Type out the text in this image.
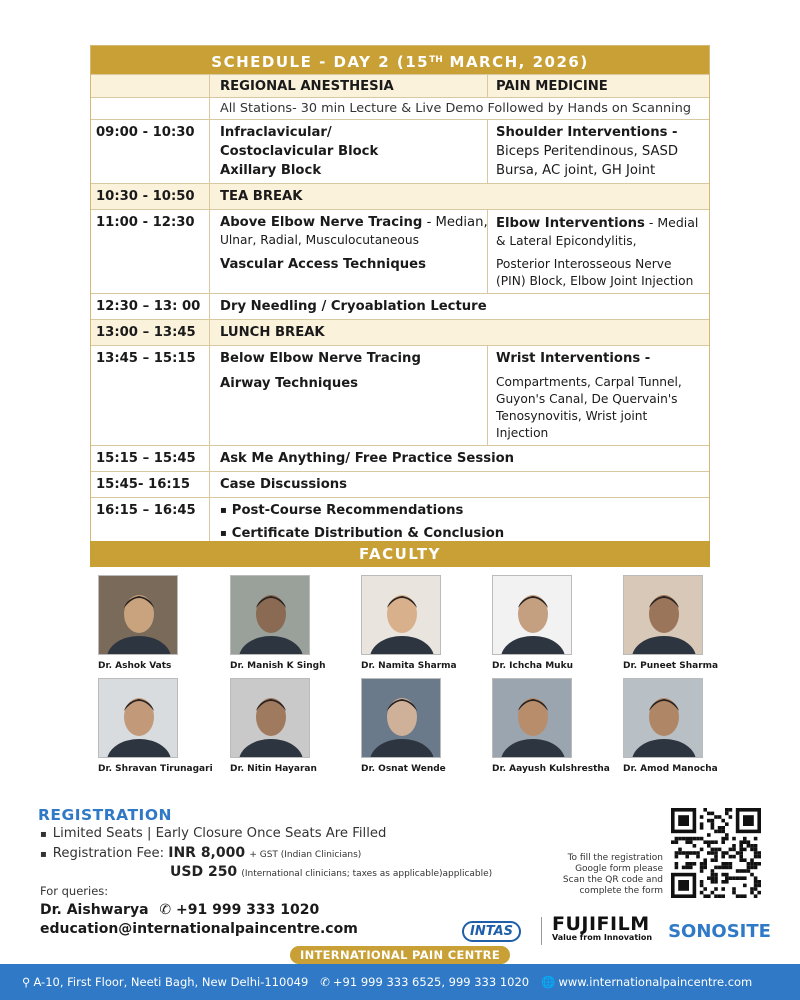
SCHEDULE - DAY 2 (15TH MARCH, 2026)
REGIONAL ANESTHESIA	PAIN MEDICINE
All Stations- 30 min Lecture & Live Demo Followed by Hands on Scanning
09:00 - 10:30	Infraclavicular/
Costoclavicular Block
Axillary Block
Shoulder Interventions -
Biceps Peritendinous, SASD
Bursa, AC joint, GH Joint
10:30 - 10:50	TEA BREAK
11:00 - 12:30	Above Elbow Nerve Tracing - Median,
Ulnar, Radial, Musculocutaneous
Vascular Access Techniques
Elbow Interventions - Medial
& Lateral Epicondylitis,
Posterior Interosseous Nerve
(PIN) Block, Elbow Joint Injection
12:30 – 13: 00	Dry Needling / Cryoablation Lecture
13:00 – 13:45	LUNCH BREAK
13:45 – 15:15	Below Elbow Nerve Tracing
Airway Techniques
Wrist Interventions -
Compartments, Carpal Tunnel,
Guyon's Canal, De Quervain's
Tenosynovitis, Wrist joint
Injection
15:15 – 15:45	Ask Me Anything/ Free Practice Session
15:45- 16:15	Case Discussions
16:15 – 16:45
▪	Post-Course Recommendations
▪ Certificate Distribution & Conclusion
FACULTY
Dr. Ashok Vats	Dr. Manish K Singh	Dr. Namita Sharma	Dr. Ichcha Muku	Dr. Puneet Sharma
Dr. Shravan Tirunagari	Dr. Nitin Hayaran	Dr. Osnat Wende	Dr. Aayush Kulshrestha	Dr. Amod Manocha
REGISTRATION
▪ Limited Seats | Early Closure Once Seats Are Filled
▪ Registration Fee: INR 8,000 + GST (Indian Clinicians)
USD 250 (International clinicians; taxes as applicable)applicable)
For queries:
Dr. Aishwarya ✆ +91 999 333 1020
education@internationalpaincentre.com
To fill the registration Google form please Scan the QR code and complete the form
INTAS	FUJIFILM
Value from Innovation SONOSITE
INTERNATIONAL PAIN CENTRE
⚲ A-10, First Floor, Neeti Bagh, New Delhi-110049 ✆ +91 999 333 6525, 999 333 1020 🌐 www.internationalpaincentre.com
